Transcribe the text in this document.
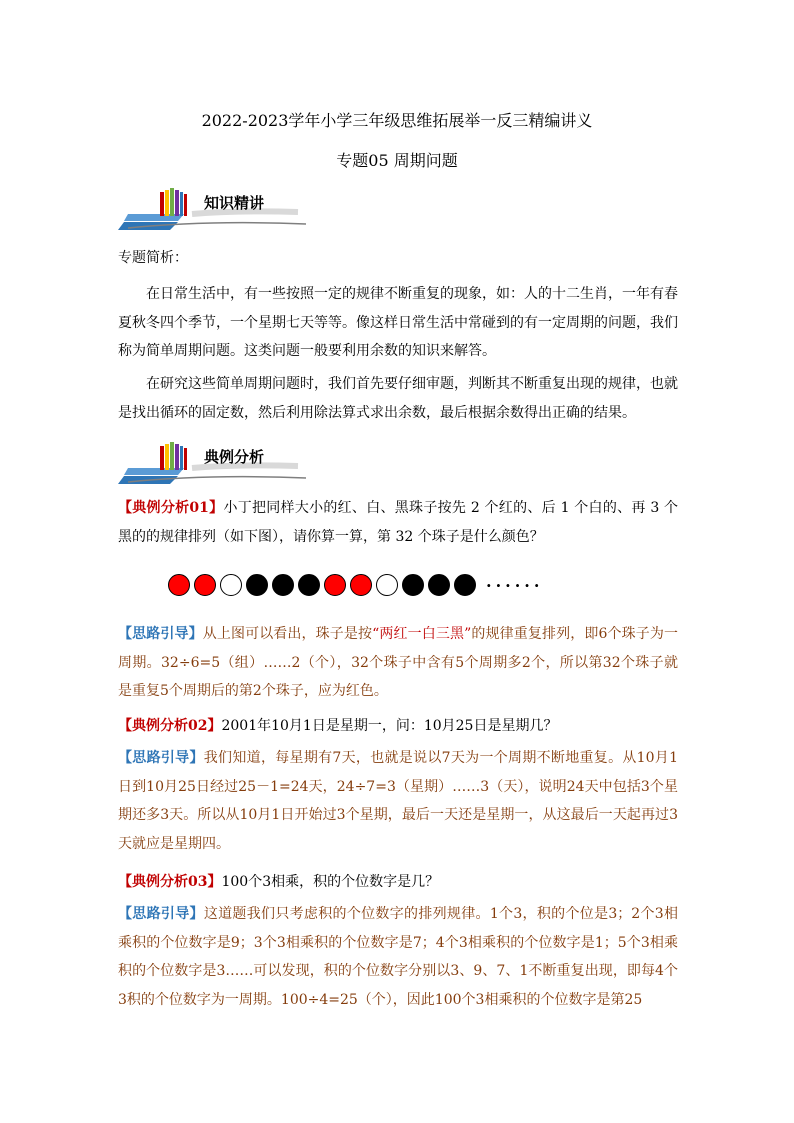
2022-2023学年小学三年级思维拓展举一反三精编讲义
专题05 周期问题
知识精讲
专题简析：
在日常生活中，有一些按照一定的规律不断重复的现象，如：人的十二生肖，一年有春夏秋冬四个季节，一个星期七天等等。像这样日常生活中常碰到的有一定周期的问题，我们称为简单周期问题。这类问题一般要利用余数的知识来解答。
在研究这些简单周期问题时，我们首先要仔细审题，判断其不断重复出现的规律，也就是找出循环的固定数，然后利用除法算式求出余数，最后根据余数得出正确的结果。
典例分析
【典例分析01】小丁把同样大小的红、白、黑珠子按先 2 个红的、后 1 个白的、再 3 个黑的的规律排列（如下图），请你算一算，第 32 个珠子是什么颜色？
······
【思路引导】从上图可以看出，珠子是按“两红一白三黑”的规律重复排列，即6个珠子为一周期。32÷6=5（组）……2（个），32个珠子中含有5个周期多2个，所以第32个珠子就是重复5个周期后的第2个珠子，应为红色。
【典例分析02】2001年10月1日是星期一，问：10月25日是星期几？
【思路引导】我们知道，每星期有7天，也就是说以7天为一个周期不断地重复。从10月1日到10月25日经过25－1=24天，24÷7=3（星期）……3（天），说明24天中包括3个星期还多3天。所以从10月1日开始过3个星期，最后一天还是星期一，从这最后一天起再过3天就应是星期四。
【典例分析03】100个3相乘，积的个位数字是几？
【思路引导】这道题我们只考虑积的个位数字的排列规律。1个3，积的个位是3；2个3相乘积的个位数字是9；3个3相乘积的个位数字是7；4个3相乘积的个位数字是1；5个3相乘积的个位数字是3……可以发现，积的个位数字分别以3、9、7、1不断重复出现，即每4个3积的个位数字为一周期。100÷4=25（个），因此100个3相乘积的个位数字是第25
